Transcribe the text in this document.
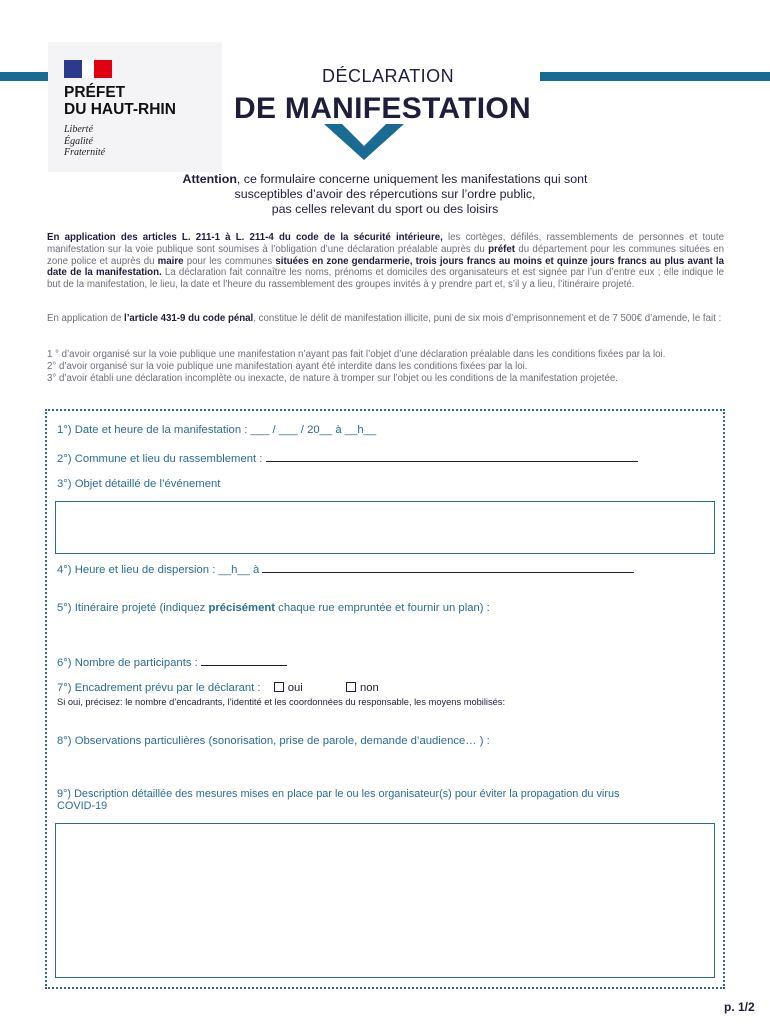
PRÉFET
DU HAUT-RHIN
Liberté
Égalité
Fraternité
DÉCLARATION
DE MANIFESTATION
Attention, ce formulaire concerne uniquement les manifestations qui sont
susceptibles d’avoir des répercutions sur l’ordre public,
pas celles relevant du sport ou des loisirs
En application des articles L. 211-1 à L. 211-4 du code de la sécurité intérieure, les cortèges, défilés, rassemblements de personnes et toute manifestation sur la voie publique sont soumises à l’obligation d’une déclaration préalable auprès du préfet du département pour les communes situées en zone police et auprès du maire pour les communes situées en zone gendarmerie, trois jours francs au moins et quinze jours francs au plus avant la date de la manifestation. La déclaration fait connaître les noms, prénoms et domiciles des organisateurs et est signée par l’un d’entre eux ; elle indique le but de la manifestation, le lieu, la date et l’heure du rassemblement des groupes invités à y prendre part et, s’il y a lieu, l’itinéraire projeté.
En application de l’article 431-9 du code pénal, constitue le délit de manifestation illicite, puni de six mois d’emprisonnement et de 7 500€ d’amende, le fait :
1 ° d’avoir organisé sur la voie publique une manifestation n’ayant pas fait l’objet d’une déclaration préalable dans les conditions fixées par la loi.
2° d’avoir organisé sur la voie publique une manifestation ayant été interdite dans les conditions fixées par la loi.
3° d’avoir établi une déclaration incomplète ou inexacte, de nature à tromper sur l’objet ou les conditions de la manifestation projetée.
1°) Date et heure de la manifestation : ___ / ___ / 20__ à __h__
2°) Commune et lieu du rassemblement :
3°) Objet détaillé de l’événement
4°) Heure et lieu de dispersion : __h__ à
5°) Itinéraire projeté (indiquez précisément chaque rue empruntée et fournir un plan) :
6°) Nombre de participants :
7°) Encadrement prévu par le déclarant : oui	non
Si oui, précisez: le nombre d’encadrants, l’identité et les coordonnées du responsable, les moyens mobilisés:
8°) Observations particulières (sonorisation, prise de parole, demande d’audience… ) :
9°) Description détaillée des mesures mises en place par le ou les organisateur(s) pour éviter la propagation du virus
COVID-19
p. 1/2
